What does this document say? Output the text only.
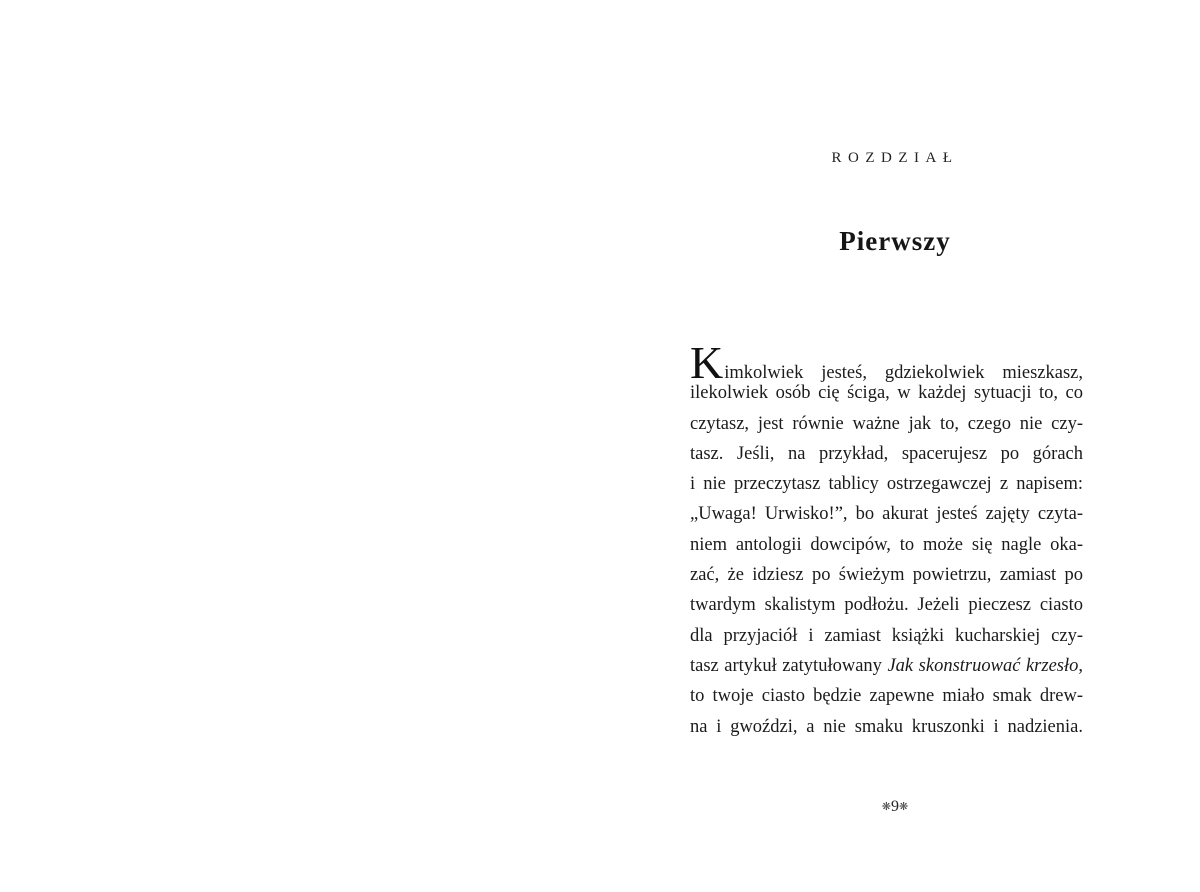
ROZDZIAŁ
Pierwszy
Kimkolwiek jesteś, gdziekolwiek mieszkasz,
ilekolwiek osób cię ściga, w każdej sytuacji to, co
czytasz, jest równie ważne jak to, czego nie czy-
tasz. Jeśli, na przykład, spacerujesz po górach
i nie przeczytasz tablicy ostrzegawczej z napisem:
„Uwaga! Urwisko!”, bo akurat jesteś zajęty czyta-
niem antologii dowcipów, to może się nagle oka-
zać, że idziesz po świeżym powietrzu, zamiast po
twardym skalistym podłożu. Jeżeli pieczesz ciasto
dla przyjaciół i zamiast książki kucharskiej czy-
tasz artykuł zatytułowany Jak skonstruować krzesło,
to twoje ciasto będzie zapewne miało smak drew-
na i gwoździ, a nie smaku kruszonki i nadzienia.
❋9❋
